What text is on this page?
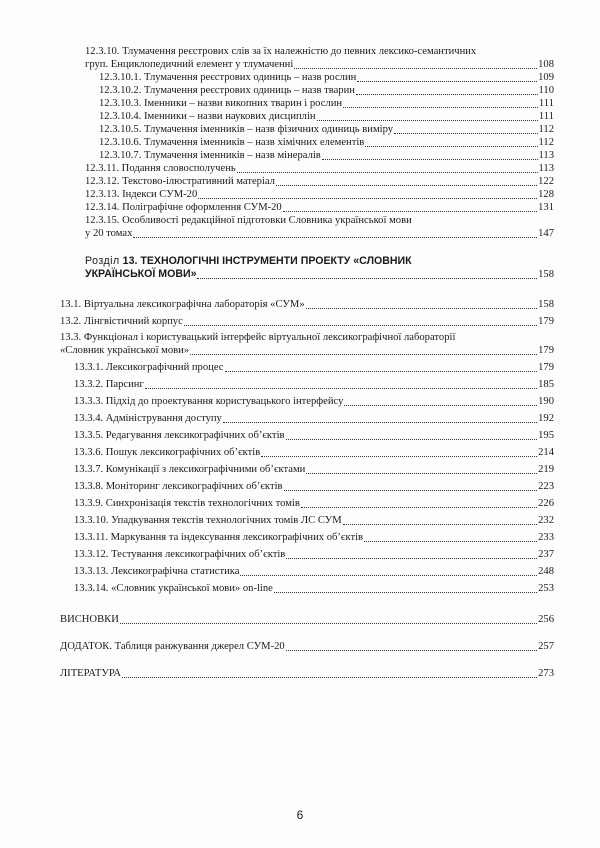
12.3.10. Тлумачення реєстрових слів за їх належністю до певних лексико-семантичних
груп. Енциклопедичний елемент у тлумаченні	108
12.3.10.1. Тлумачення реєстрових одиниць – назв рослин	109
12.3.10.2. Тлумачення реєстрових одиниць – назв тварин	110
12.3.10.3. Іменники – назви викопних тварин і рослин	111
12.3.10.4. Іменники – назви наукових дисциплін	111
12.3.10.5. Тлумачення іменників – назв фізичних одиниць виміру	112
12.3.10.6. Тлумачення іменників – назв хімічних елементів	112
12.3.10.7. Тлумачення іменників – назв мінералів	113
12.3.11. Подання словосполучень	113
12.3.12. Текстово-ілюстративний матеріал	122
12.3.13. Індекси СУМ-20	128
12.3.14. Поліграфічне оформлення СУМ-20	131
12.3.15. Особливості редакційної підготовки Словника української мови
у 20 томах	147
Розділ 13. ТЕХНОЛОГІЧНІ ІНСТРУМЕНТИ ПРОЕКТУ «СЛОВНИК
УКРАЇНСЬКОЇ МОВИ»	158
13.1. Віртуальна лексикографічна лабораторія «СУМ»	158
13.2. Лінгвістичний корпус	179
13.3. Функціонал і користувацький інтерфейс віртуальної лексикографічної лабораторії
«Словник української мови»	179
13.3.1. Лексикографічний процес	179
13.3.2. Парсинг	185
13.3.3. Підхід до проектування користувацького інтерфейсу	190
13.3.4. Адміністрування доступу	192
13.3.5. Редагування лексикографічних об’єктів	195
13.3.6. Пошук лексикографічних об’єктів	214
13.3.7. Комунікації з лексикографічними об’єктами	219
13.3.8. Моніторинг лексикографічних об’єктів	223
13.3.9. Синхронізація текстів технологічних томів	226
13.3.10. Упадкування текстів технологічних томів ЛС СУМ	232
13.3.11. Маркування та індексування лексикографічних об’єктів	233
13.3.12. Тестування лексикографічних об’єктів	237
13.3.13. Лексикографічна статистика	248
13.3.14. «Словник української мови» on-line	253
ВИСНОВКИ	256
ДОДАТОК. Таблиця ранжування джерел СУМ-20	257
ЛІТЕРАТУРА	273
6
